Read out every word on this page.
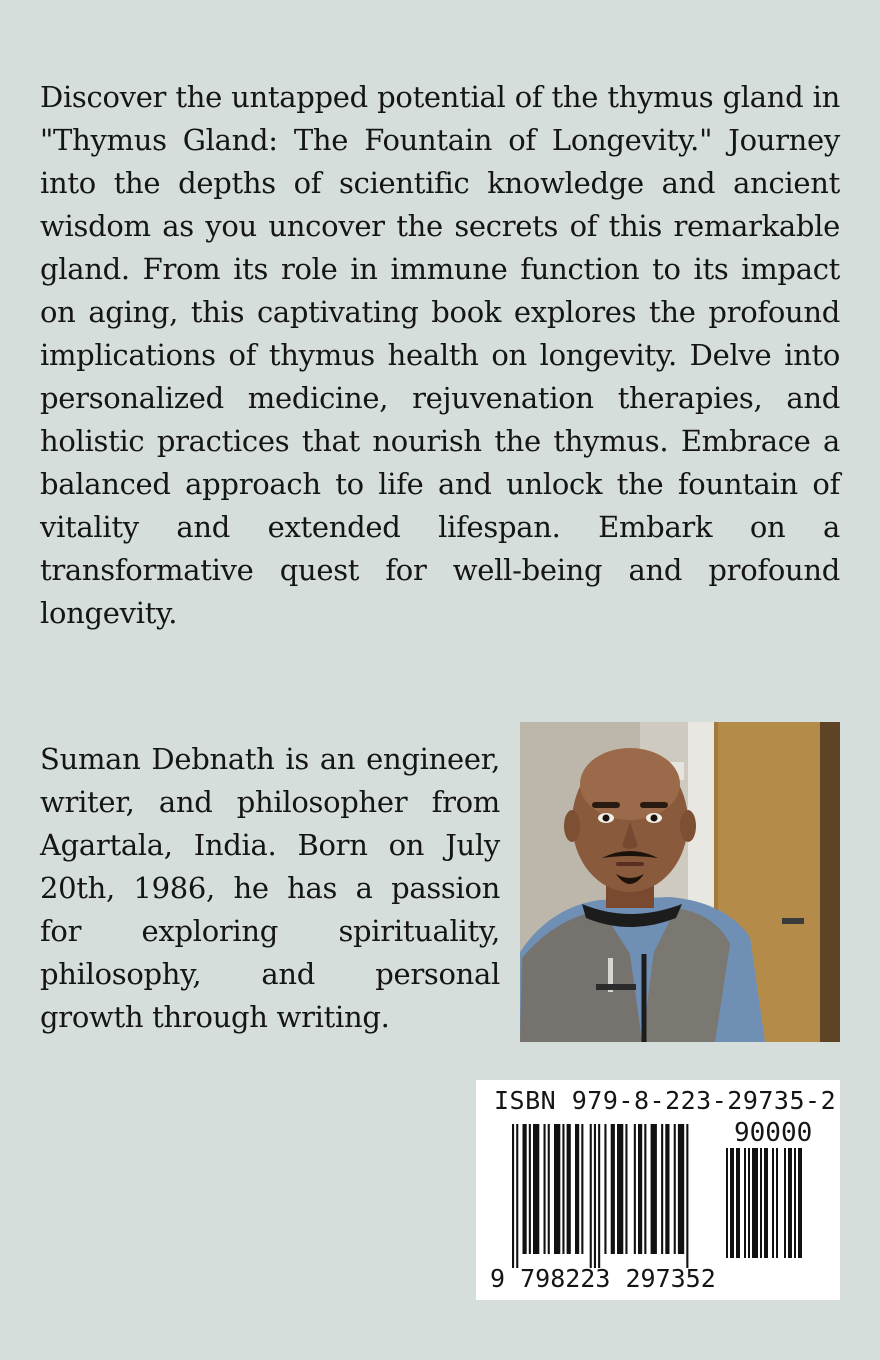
Discover the untapped potential of the thymus gland in "Thymus Gland: The Fountain of Longevity." Journey into the depths of scientific knowledge and ancient wisdom as you uncover the secrets of this remarkable gland. From its role in immune function to its impact on aging, this captivating book explores the profound implications of thymus health on longevity. Delve into personalized medicine, rejuvenation therapies, and holistic practices that nourish the thymus. Embrace a balanced approach to life and unlock the fountain of vitality and extended lifespan. Embark on a transformative quest for well-being and profound longevity.

Suman Debnath is an engineer, writer, and philosopher from Agartala, India. Born on July 20th, 1986, he has a passion for exploring spirituality, philosophy, and personal growth through writing.

ISBN 979-8-223-29735-2
90000
9 798223 297352
